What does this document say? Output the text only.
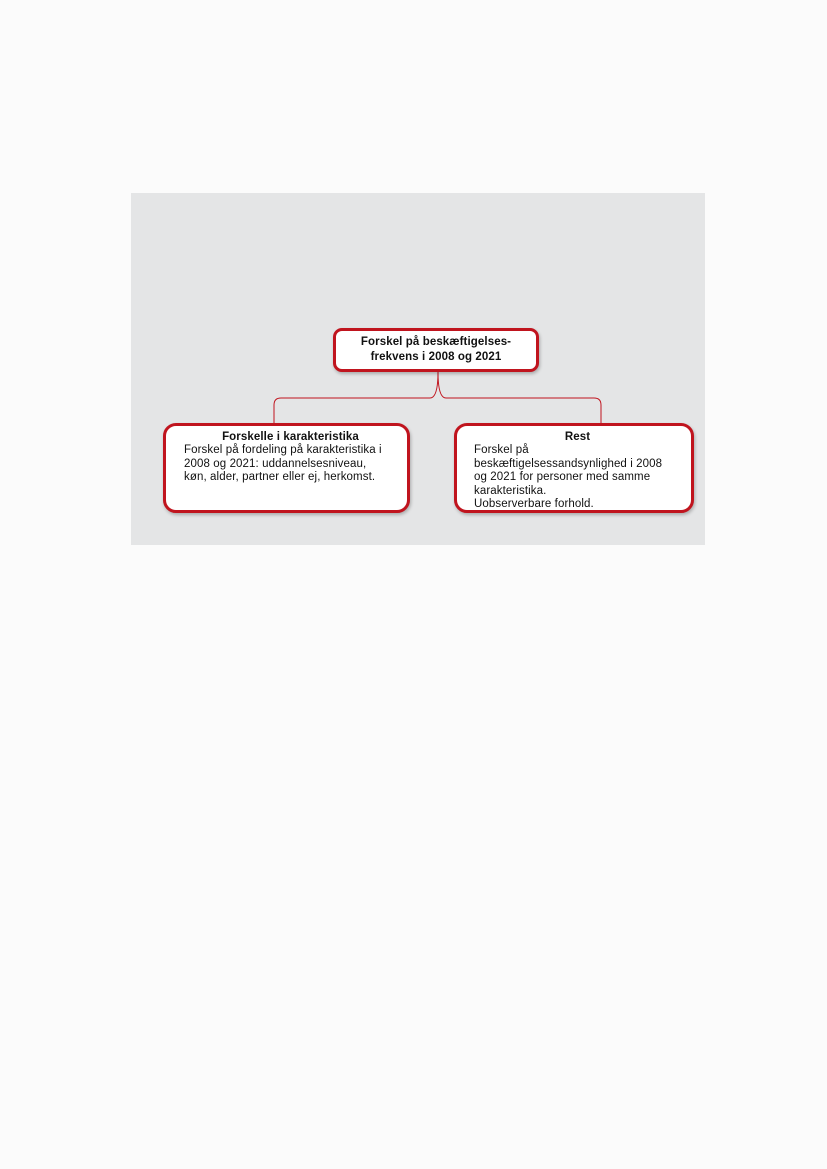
Forskel på beskæftigelses-
frekvens i 2008 og 2021
Forskelle i karakteristika
Forskel på fordeling på karakteristika i
2008 og 2021: uddannelsesniveau,
køn, alder, partner eller ej, herkomst.
Rest
Forskel på
beskæftigelsessandsynlighed i 2008
og 2021 for personer med samme
karakteristika.
Uobserverbare forhold.
